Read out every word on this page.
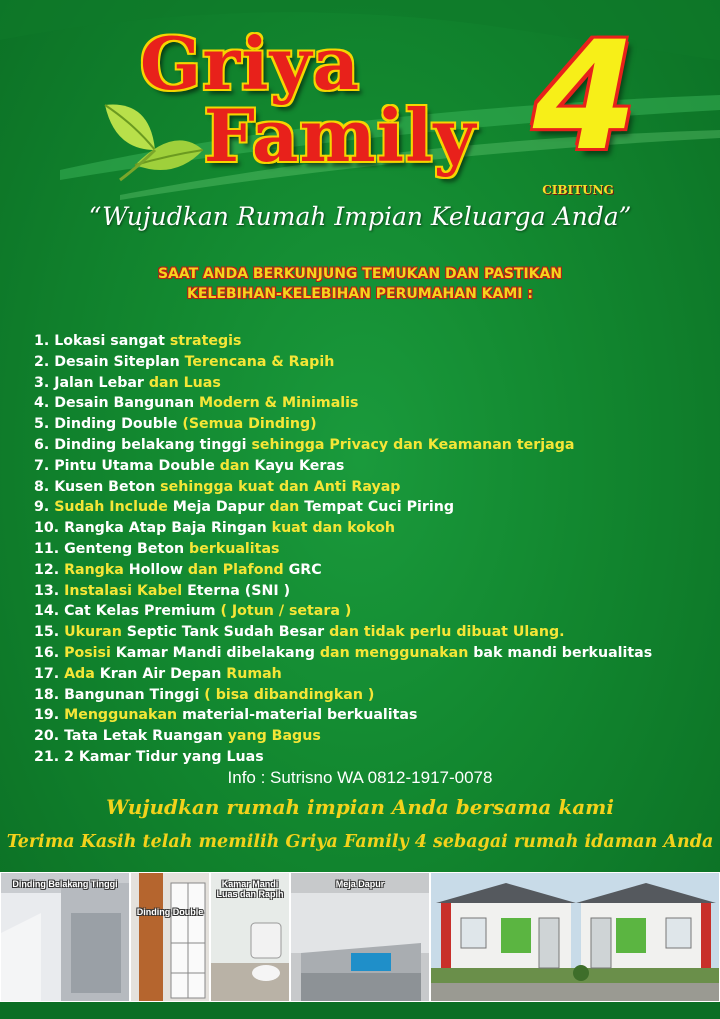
Griya
Family 4
CIBITUNG
“Wujudkan Rumah Impian Keluarga Anda”
SAAT ANDA BERKUNJUNG TEMUKAN DAN PASTIKAN
KELEBIHAN-KELEBIHAN PERUMAHAN KAMI :
1. Lokasi sangat strategis
2. Desain Siteplan Terencana & Rapih
3. Jalan Lebar dan Luas
4. Desain Bangunan Modern & Minimalis
5. Dinding Double (Semua Dinding)
6. Dinding belakang tinggi sehingga Privacy dan Keamanan terjaga
7. Pintu Utama Double dan Kayu Keras
8. Kusen Beton sehingga kuat dan Anti Rayap
9. Sudah Include Meja Dapur dan Tempat Cuci Piring
10. Rangka Atap Baja Ringan kuat dan kokoh
11. Genteng Beton berkualitas
12. Rangka Hollow dan Plafond GRC
13. Instalasi Kabel Eterna (SNI )
14. Cat Kelas Premium ( Jotun / setara )
15. Ukuran Septic Tank Sudah Besar dan tidak perlu dibuat Ulang.
16. Posisi Kamar Mandi dibelakang dan menggunakan bak mandi berkualitas
17. Ada Kran Air Depan Rumah
18. Bangunan Tinggi ( bisa dibandingkan )
19. Menggunakan material-material berkualitas
20. Tata Letak Ruangan yang Bagus
21. 2 Kamar Tidur yang Luas
Info : Sutrisno WA 0812-1917-0078
Wujudkan rumah impian Anda bersama kami
Terima Kasih telah memilih Griya Family 4 sebagai rumah idaman Anda
Dinding Belakang Tinggi
Dinding Double
Kamar Mandi Luas dan Rapih
Meja Dapur
